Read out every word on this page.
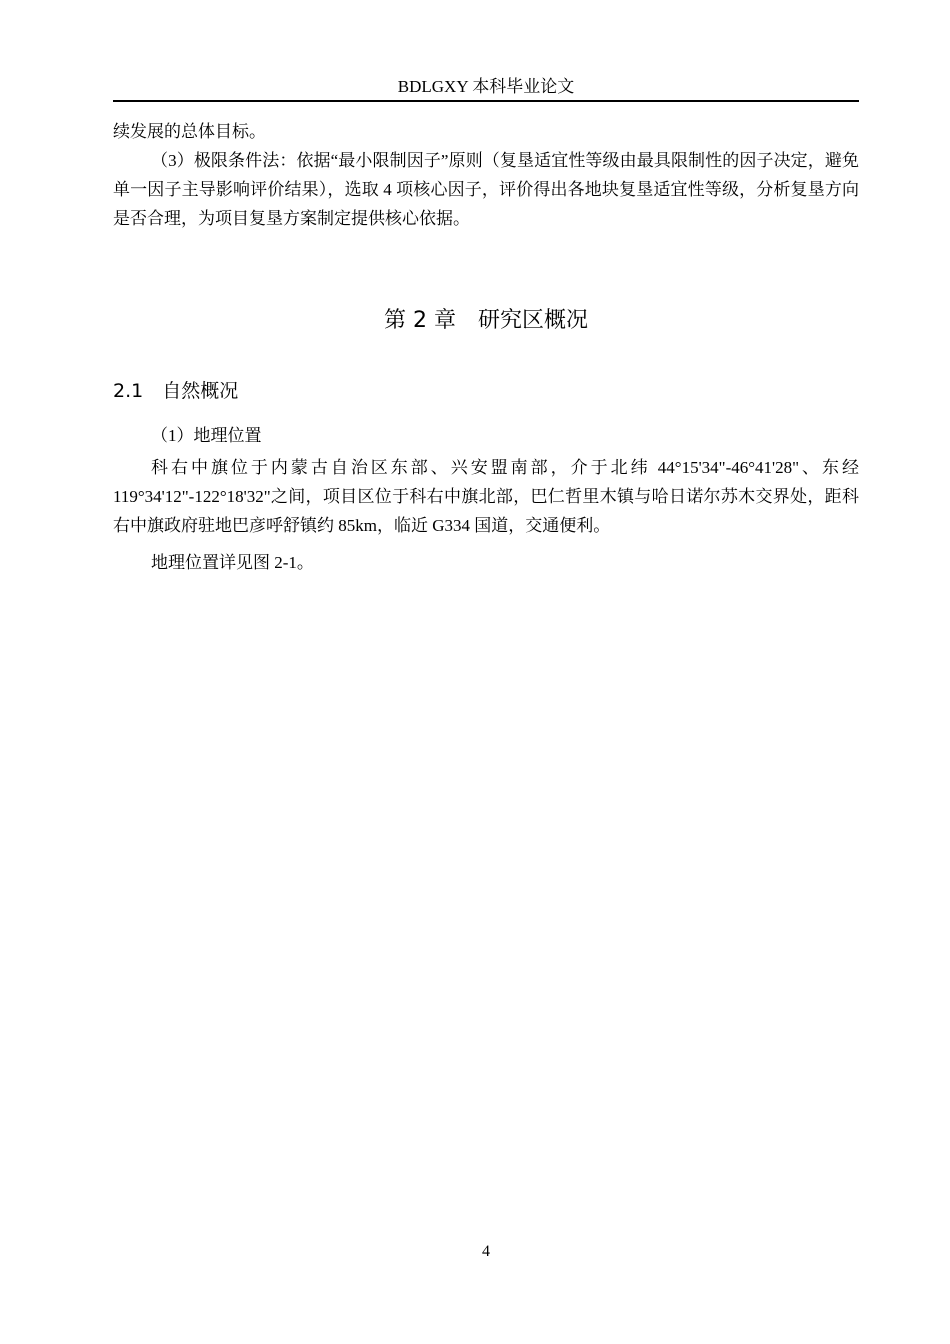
BDLGXY 本科毕业论文
续发展的总体目标。
（3）极限条件法：依据“最小限制因子”原则（复垦适宜性等级由最具限制性的因子决定，避免单一因子主导影响评价结果），选取 4 项核心因子，评价得出各地块复垦适宜性等级，分析复垦方向是否合理，为项目复垦方案制定提供核心依据。
第 2 章　研究区概况
2.1　自然概况
（1）地理位置
科右中旗位于内蒙古自治区东部、兴安盟南部，介于北纬 44°15'34"-46°41'28"、东经 119°34'12"-122°18'32"之间，项目区位于科右中旗北部，巴仁哲里木镇与哈日诺尔苏木交界处，距科右中旗政府驻地巴彦呼舒镇约 85km，临近 G334 国道，交通便利。
地理位置详见图 2-1。
4
